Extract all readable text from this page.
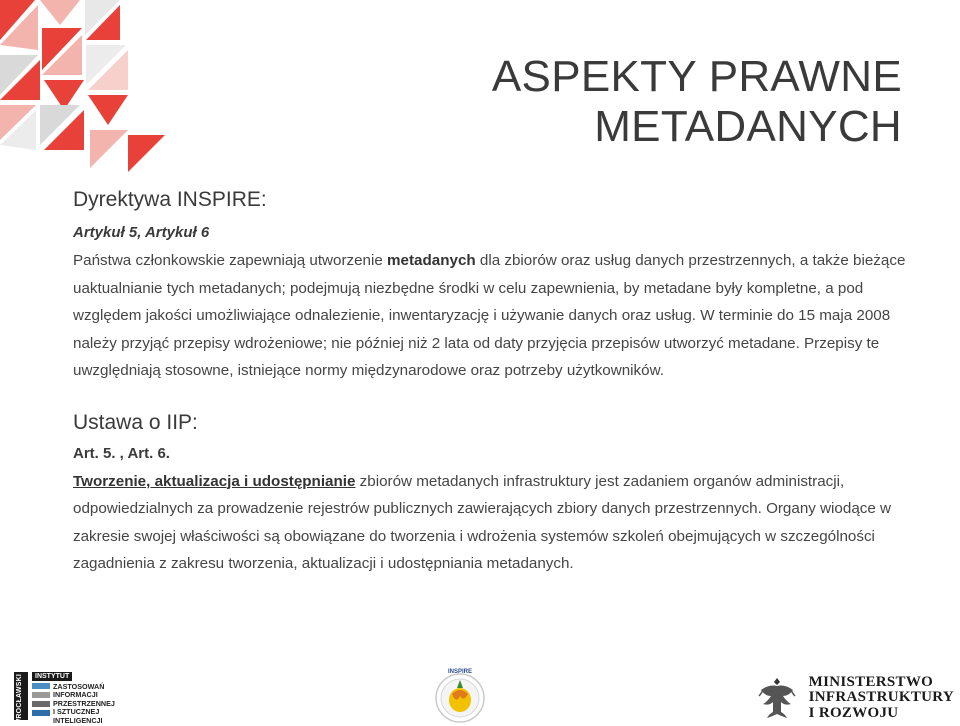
ASPEKTY PRAWNE
METADANYCH
Dyrektywa INSPIRE:
Artykuł 5, Artykuł 6

Państwa członkowskie zapewniają utworzenie metadanych dla zbiorów oraz usług danych przestrzennych, a także bieżące uaktualnianie tych metadanych; podejmują niezbędne środki w celu zapewnienia, by metadane były kompletne, a pod względem jakości umożliwiające odnalezienie, inwentaryzację i używanie danych oraz usług. W terminie do 15 maja 2008 należy przyjąć przepisy wdrożeniowe; nie później niż 2 lata od daty przyjęcia przepisów utworzyć metadane. Przepisy te uwzględniają stosowne, istniejące normy międzynarodowe oraz potrzeby użytkowników.

Ustawa o IIP:
Art. 5. , Art. 6.

Tworzenie, aktualizacja i udostępnianie zbiorów metadanych infrastruktury jest zadaniem organów administracji, odpowiedzialnych za prowadzenie rejestrów publicznych zawierających zbiory danych przestrzennych. Organy wiodące w zakresie swojej właściwości są obowiązane do tworzenia i wdrożenia systemów szkoleń obejmujących w szczególności zagadnienia z zakresu tworzenia, aktualizacji i udostępniania metadanych.

WROCŁAWSKI	INSTYTUT
ZASTOSOWAŃ
INFORMACJI
PRZESTRZENNEJ
I SZTUCZNEJ
INTELIGENCJI
INSPIRE
MINISTERSTWO
INFRASTRUKTURY
I ROZWOJU
